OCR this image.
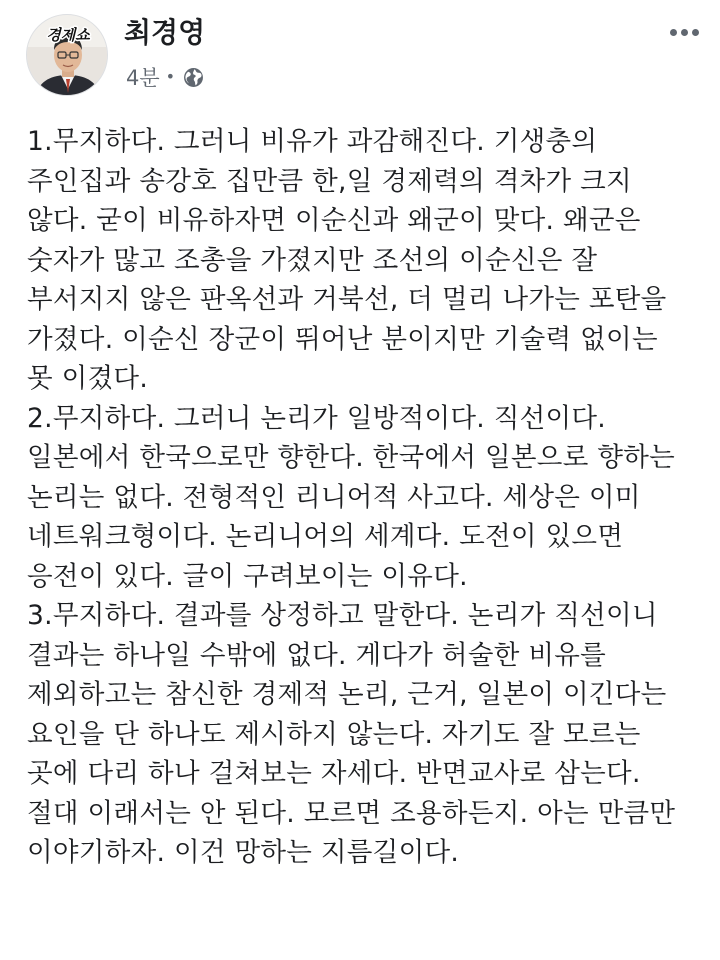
경제쇼 최경영
4분 •
1.무지하다. 그러니 비유가 과감해진다. 기생충의
주인집과 송강호 집만큼 한,일 경제력의 격차가 크지
않다. 굳이 비유하자면 이순신과 왜군이 맞다. 왜군은
숫자가 많고 조총을 가졌지만 조선의 이순신은 잘
부서지지 않은 판옥선과 거북선, 더 멀리 나가는 포탄을
가졌다. 이순신 장군이 뛰어난 분이지만 기술력 없이는
못 이겼다.
2.무지하다. 그러니 논리가 일방적이다. 직선이다.
일본에서 한국으로만 향한다. 한국에서 일본으로 향하는
논리는 없다. 전형적인 리니어적 사고다. 세상은 이미
네트워크형이다. 논리니어의 세계다. 도전이 있으면
응전이 있다. 글이 구려보이는 이유다.
3.무지하다. 결과를 상정하고 말한다. 논리가 직선이니
결과는 하나일 수밖에 없다. 게다가 허술한 비유를
제외하고는 참신한 경제적 논리, 근거, 일본이 이긴다는
요인을 단 하나도 제시하지 않는다. 자기도 잘 모르는
곳에 다리 하나 걸쳐보는 자세다. 반면교사로 삼는다.
절대 이래서는 안 된다. 모르면 조용하든지. 아는 만큼만
이야기하자. 이건 망하는 지름길이다.
